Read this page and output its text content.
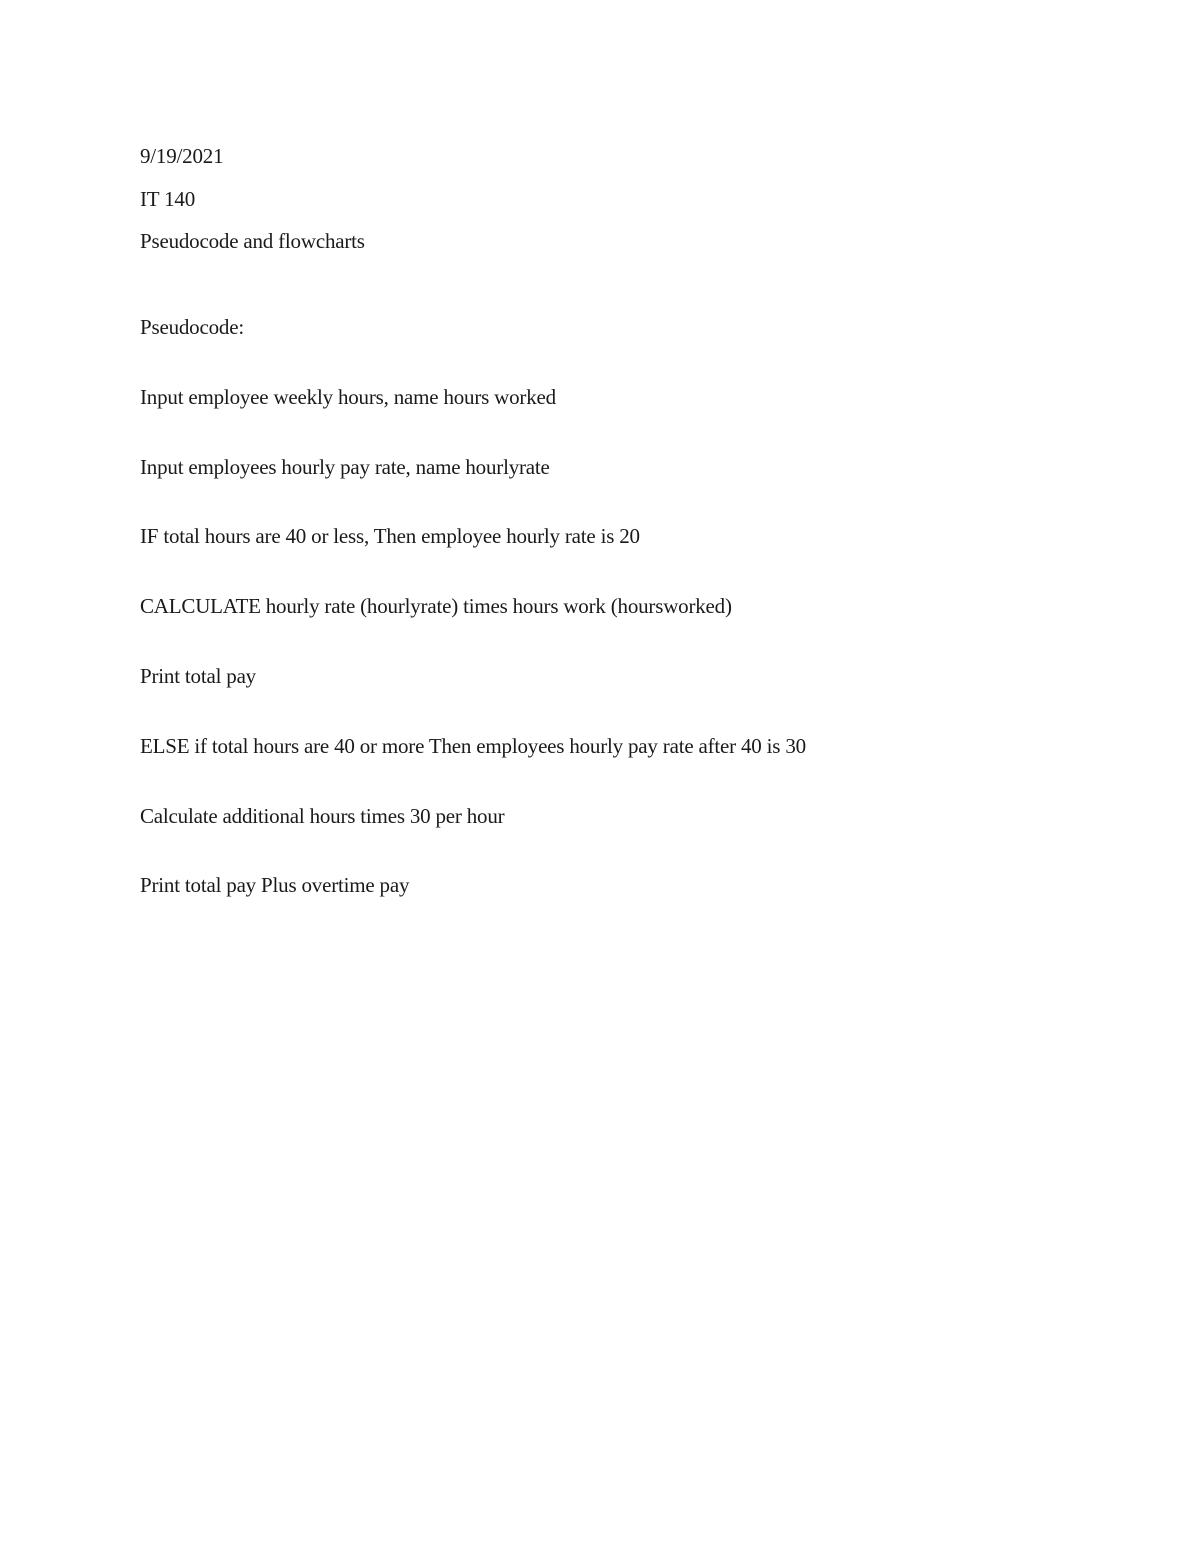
9/19/2021
IT 140
Pseudocode and flowcharts
Pseudocode:
Input employee weekly hours, name hours worked
Input employees hourly pay rate, name hourlyrate
IF total hours are 40 or less, Then employee hourly rate is 20
CALCULATE hourly rate (hourlyrate) times hours work (hoursworked)
Print total pay
ELSE if total hours are 40 or more Then employees hourly pay rate after 40 is 30
Calculate additional hours times 30 per hour
Print total pay Plus overtime pay
